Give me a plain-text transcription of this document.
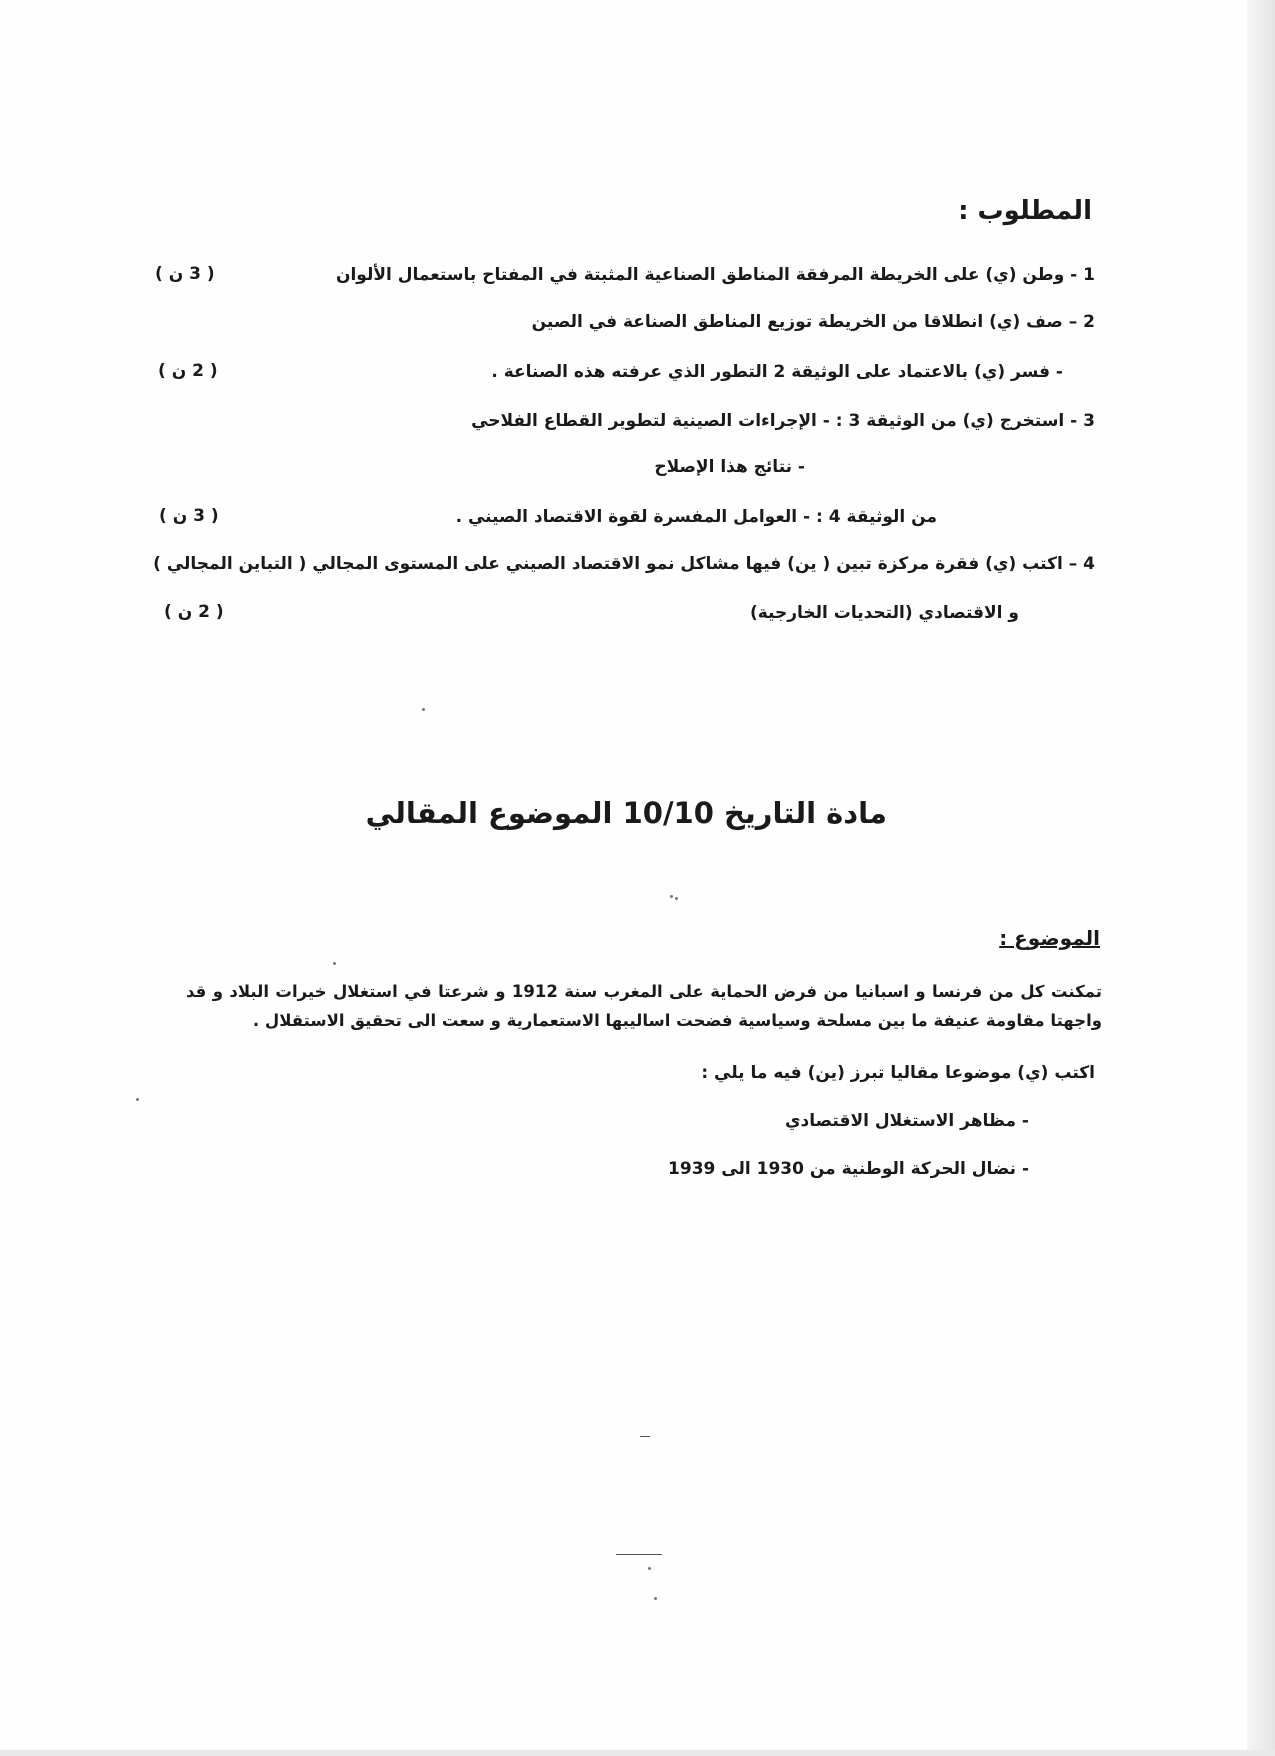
المطلوب :
1 - وطن (ي) على الخريطة المرفقة المناطق الصناعية المثبتة في المفتاح باستعمال الألوان
( 3 ن )
2 – صف (ي) انطلاقا من الخريطة توزيع المناطق الصناعة في الصين
- فسر (ي) بالاعتماد على الوثيقة 2 التطور الذي عرفته هذه الصناعة .
( 2 ن )
3 - استخرج (ي) من الوثيقة 3 : - الإجراءات الصينية لتطوير القطاع الفلاحي
- نتائج هذا الإصلاح
من الوثيقة 4 : - العوامل المفسرة لقوة الاقتصاد الصيني .
( 3 ن )
4 – اكتب (ي) فقرة مركزة تبين ( ين) فيها مشاكل نمو الاقتصاد الصيني على المستوى المجالي ( التباين المجالي )
و الاقتصادي (التحديات الخارجية)
( 2 ن )
مادة التاريخ 10/10 الموضوع المقالي
الموضوع :
تمكنت كل من فرنسا و اسبانيا من فرض الحماية على المغرب سنة 1912 و شرعتا في استغلال خيرات البلاد و قد واجهتا مقاومة عنيفة ما بين مسلحة وسياسية فضحت اساليبها الاستعمارية و سعت الى تحقيق الاستقلال .
اكتب (ي) موضوعا مقاليا تبرز (ين) فيه ما يلي :
- مظاهر الاستغلال الاقتصادي
- نضال الحركة الوطنية من 1930 الى 1939
